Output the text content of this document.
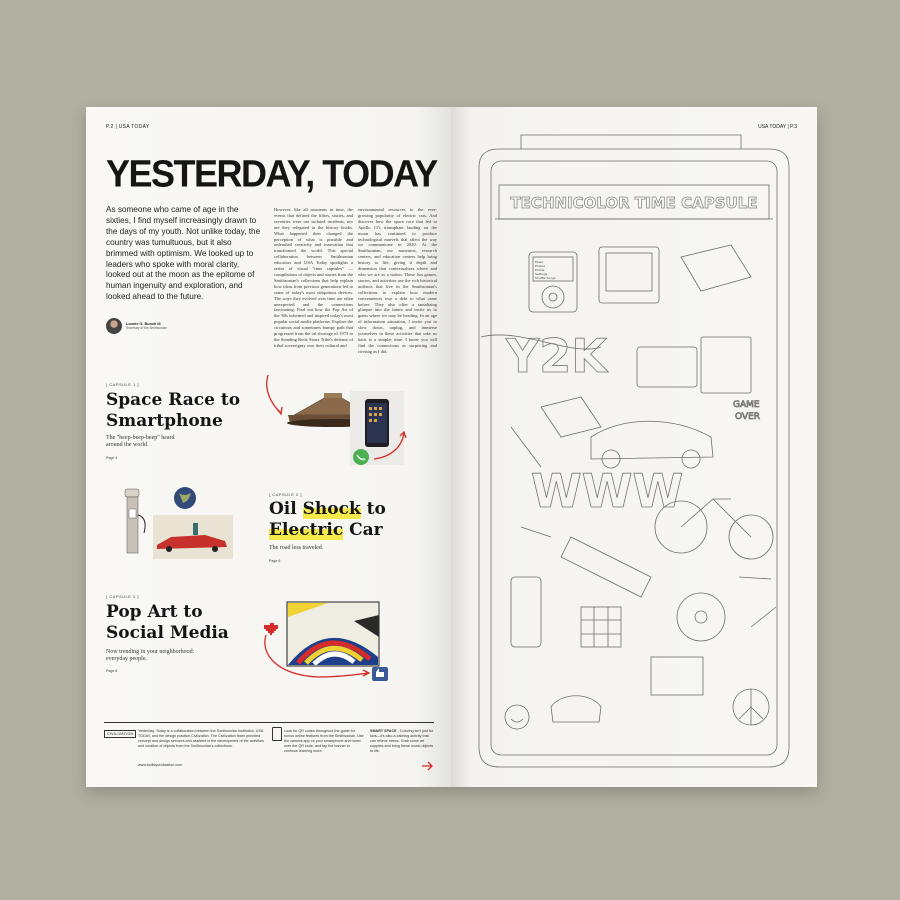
P.2 | USA TODAY
YESTERDAY, TODAY
As someone who came of age in the sixties, I find myself increasingly drawn to the days of my youth. Not unlike today, the country was tumultuous, but it also brimmed with optimism. We looked up to leaders who spoke with moral clarity, looked out at the moon as the epitome of human ingenuity and exploration, and looked ahead to the future.
Lonnie G. Bunch III
Secretary of the Smithsonian
However, like all moments in time, the events that defined the fifties, sixties, and seventies were not isolated incidents, nor are they relegated to the history books. What happened then changed the perception of what is possible and unleashed creativity and innovation that transformed the world. This special collaboration between Smithsonian educators and USA Today spotlights a series of visual "time capsules" — compilations of objects and stories from the Smithsonian's collections that help explain how ideas from previous generations led to some of today's most ubiquitous devices. The ways they evolved over time are often unexpected and the connections fascinating. Find out how the Pop Art of the '60s informed and inspired today's most popular social media platforms. Explore the circuitous and sometimes bumpy path that progressed from the oil shortage of 1973 to the Standing Rock Sioux Tribe's defense of tribal sovereignty over their cultural and
environmental resources to the ever-growing popularity of electric cars. And discover how the space race that led to Apollo 11's triumphant landing on the moon has continued to produce technological marvels that affect the way we communicate in 2020. At the Smithsonian, our museums, research centers, and education centers help bring history to life, giving it depth and dimension that contextualizes where and who we are as a nation. These fun games, stories, and activities use the rich historical artifacts that live in the Smithsonian's collections to explain how modern conveniences owe a debt to what came before. They also offer a tantalizing glimpse into the future and invite us to guess where we may be heading. In an age of information saturation, I invite you to slow down, unplug, and immerse yourselves in these activities that take us back to a simpler time. I know you will find the connections as surprising and riveting as I did.
[ CAPSULE 1 ]
Space Race to
Smartphone
The "beep-beep-beep" heard
around the world.
Page 4
[ CAPSULE 2 ]
Oil Shock to
Electric Car
The road less traveled.
Page 6
[ CAPSULE 3 ]
Pop Art to
Social Media
Now trending in your neighborhood:
everyday people.
Page 8
CIVILIZATION
Yesterday, Today is a collaboration between the Smithsonian Institution, USA TODAY, and the design practice Civilization. The Civilization team provided concept and design services and assisted in the development of the activities and curation of objects from the Smithsonian's collections.
www.builtbycivilization.com
Look for QR codes throughout the guide for bonus online features from the Smithsonian. Use the camera app on your smartphone and hover over the QR code, and tap the banner to continue learning more.
SMART SPACE - Coloring isn't just for kids—it's also a calming activity that can relieve stress. Grab some art supplies and bring these iconic objects to life.
USA TODAY | P.3
Y2K
WWW
GAME
OVER
TECHNICOLOR TIME CAPSULE
Music
Photos
Extras
Settings
Shuffle Songs
